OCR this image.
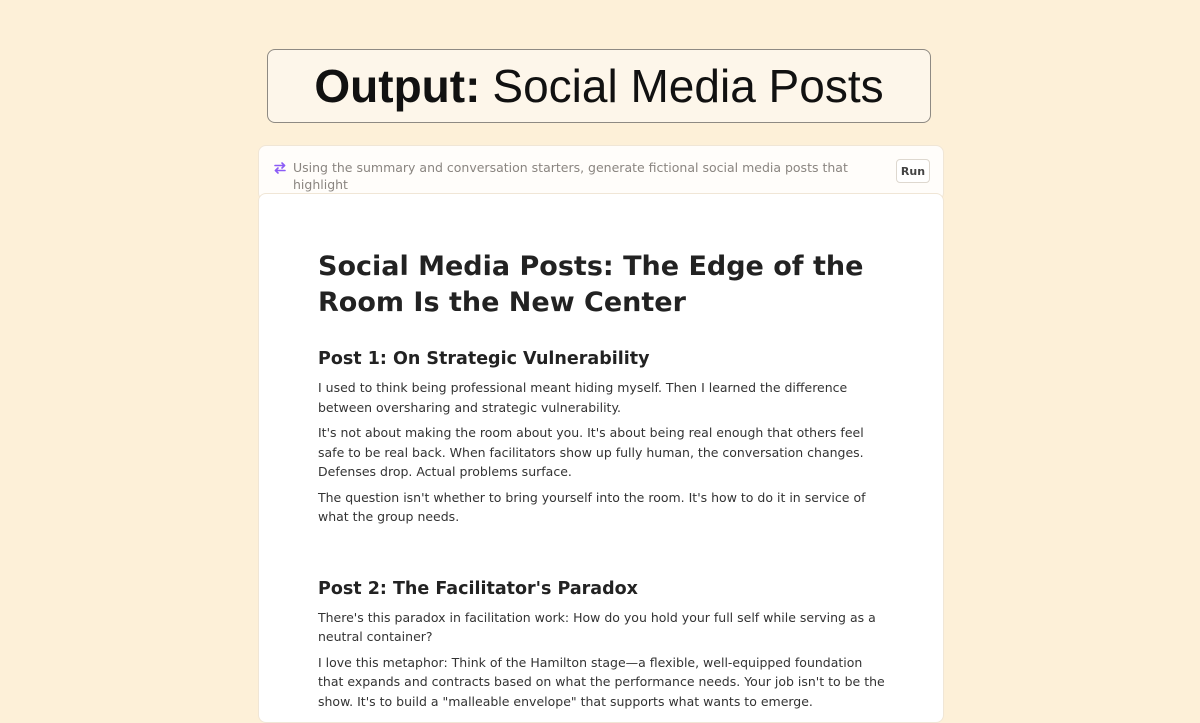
Output: Social Media Posts
Using the summary and conversation starters, generate fictional social media posts that highlight
Run
Social Media Posts: The Edge of the Room Is the New Center
Post 1: On Strategic Vulnerability

I used to think being professional meant hiding myself. Then I learned the difference between oversharing and strategic vulnerability.

It's not about making the room about you. It's about being real enough that others feel safe to be real back. When facilitators show up fully human, the conversation changes. Defenses drop. Actual problems surface.

The question isn't whether to bring yourself into the room. It's how to do it in service of what the group needs.

Post 2: The Facilitator's Paradox

There's this paradox in facilitation work: How do you hold your full self while serving as a neutral container?

I love this metaphor: Think of the Hamilton stage—a flexible, well-equipped foundation that expands and contracts based on what the performance needs. Your job isn't to be the show. It's to build a "malleable envelope" that supports what wants to emerge.
